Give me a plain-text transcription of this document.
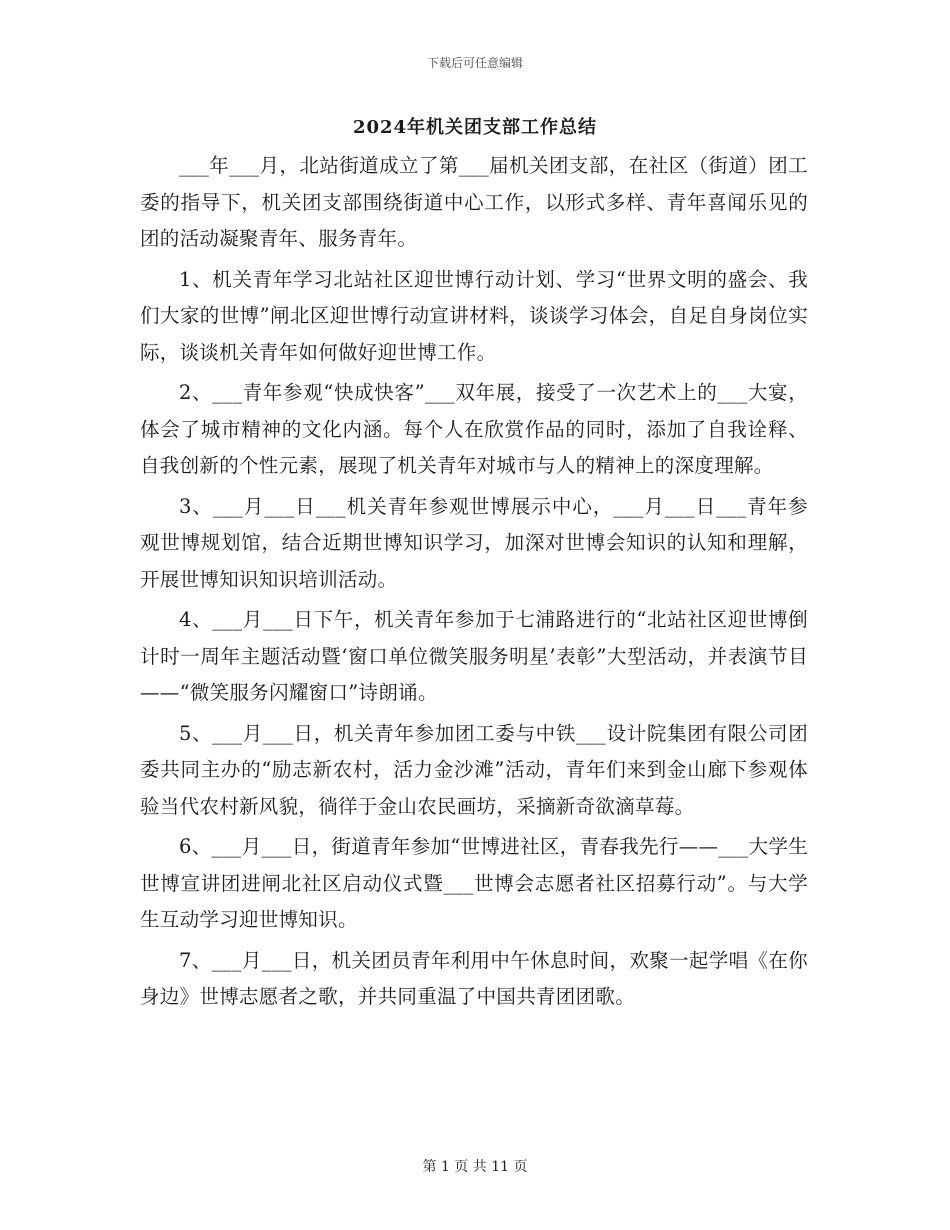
下载后可任意编辑
2024年机关团支部工作总结

___年___月，北站街道成立了第___届机关团支部，在社区（街道）团工委的指导下，机关团支部围绕街道中心工作，以形式多样、青年喜闻乐见的团的活动凝聚青年、服务青年。

1、机关青年学习北站社区迎世博行动计划、学习“世界文明的盛会、我们大家的世博”闸北区迎世博行动宣讲材料，谈谈学习体会，自足自身岗位实际，谈谈机关青年如何做好迎世博工作。

2、___青年参观“快成快客”___双年展，接受了一次艺术上的___大宴，体会了城市精神的文化内涵。每个人在欣赏作品的同时，添加了自我诠释、自我创新的个性元素，展现了机关青年对城市与人的精神上的深度理解。

3、___月___日___机关青年参观世博展示中心，___月___日___青年参观世博规划馆，结合近期世博知识学习，加深对世博会知识的认知和理解，开展世博知识知识培训活动。

4、___月___日下午，机关青年参加于七浦路进行的“北站社区迎世博倒计时一周年主题活动暨‘窗口单位微笑服务明星’表彰”大型活动，并表演节目——“微笑服务闪耀窗口”诗朗诵。

5、___月___日，机关青年参加团工委与中铁___设计院集团有限公司团委共同主办的“励志新农村，活力金沙滩”活动，青年们来到金山廊下参观体验当代农村新风貌，徜徉于金山农民画坊，采摘新奇欲滴草莓。

6、___月___日，街道青年参加“世博进社区，青春我先行——___大学生世博宣讲团进闸北社区启动仪式暨___世博会志愿者社区招募行动”。与大学生互动学习迎世博知识。

7、___月___日，机关团员青年利用中午休息时间，欢聚一起学唱《在你身边》世博志愿者之歌，并共同重温了中国共青团团歌。

第 1 页 共 11 页
